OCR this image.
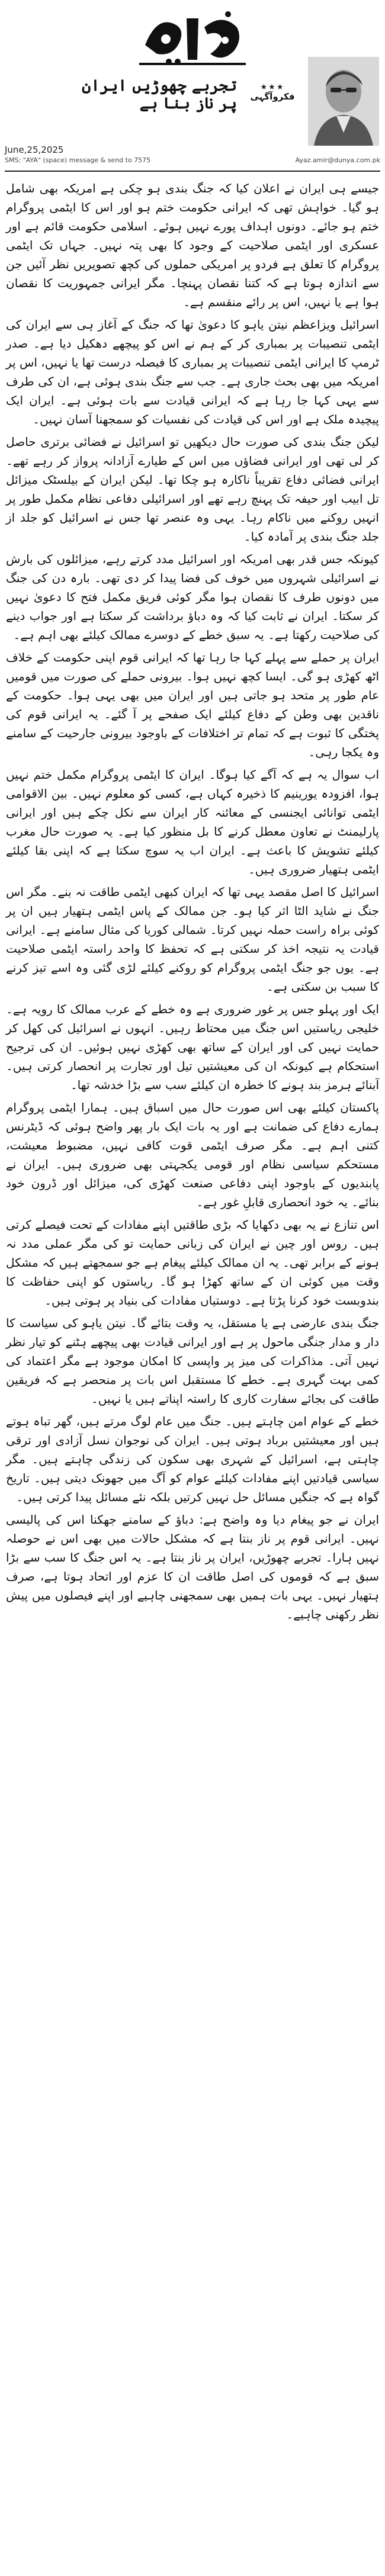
تجربے چھوڑیں ایران پر ناز بنا ہے
★★★
فکروآگہی
June,25,2025
SMS: "AYA" (space) message & send to 7575	Ayaz.amir@dunya.com.pk

جیسے ہی ایران نے اعلان کیا کہ جنگ بندی ہو چکی ہے امریکہ بھی شامل ہو گیا۔ خواہش تھی کہ ایرانی حکومت ختم ہو اور اس کا ایٹمی پروگرام ختم ہو جائے۔ دونوں اہداف پورے نہیں ہوئے۔ اسلامی حکومت قائم ہے اور عسکری اور ایٹمی صلاحیت کے وجود کا بھی پتہ نہیں۔ جہاں تک ایٹمی پروگرام کا تعلق ہے فردو پر امریکی حملوں کی کچھ تصویریں نظر آئیں جن سے اندازہ ہوتا ہے کہ کتنا نقصان پہنچا۔ مگر ایرانی جمہوریت کا نقصان ہوا ہے یا نہیں، اس پر رائے منقسم ہے۔

اسرائیل ویزاعظم نیتن یاہو کا دعویٰ تھا کہ جنگ کے آغاز ہی سے ایران کی ایٹمی تنصیبات پر بمباری کر کے ہم نے اس کو پیچھے دھکیل دیا ہے۔ صدر ٹرمپ کا ایرانی ایٹمی تنصیبات پر بمباری کا فیصلہ درست تھا یا نہیں، اس پر امریکہ میں بھی بحث جاری ہے۔ جب سے جنگ بندی ہوئی ہے، ان کی طرف سے یہی کہا جا رہا ہے کہ ایرانی قیادت سے بات ہوئی ہے۔ ایران ایک پیچیدہ ملک ہے اور اس کی قیادت کی نفسیات کو سمجھنا آسان نہیں۔

لیکن جنگ بندی کی صورت حال دیکھیں تو اسرائیل نے فضائی برتری حاصل کر لی تھی اور ایرانی فضاؤں میں اس کے طیارے آزادانہ پرواز کر رہے تھے۔ ایرانی فضائی دفاع تقریباً ناکارہ ہو چکا تھا۔ لیکن ایران کے بیلسٹک میزائل تل ابیب اور حیفہ تک پہنچ رہے تھے اور اسرائیلی دفاعی نظام مکمل طور پر انہیں روکنے میں ناکام رہا۔ یہی وہ عنصر تھا جس نے اسرائیل کو جلد از جلد جنگ بندی پر آمادہ کیا۔

کیونکہ جس قدر بھی امریکہ اور اسرائیل مدد کرتے رہے، میزائلوں کی بارش نے اسرائیلی شہروں میں خوف کی فضا پیدا کر دی تھی۔ بارہ دن کی جنگ میں دونوں طرف کا نقصان ہوا مگر کوئی فریق مکمل فتح کا دعویٰ نہیں کر سکتا۔ ایران نے ثابت کیا کہ وہ دباؤ برداشت کر سکتا ہے اور جواب دینے کی صلاحیت رکھتا ہے۔ یہ سبق خطے کے دوسرے ممالک کیلئے بھی اہم ہے۔

ایران پر حملے سے پہلے کہا جا رہا تھا کہ ایرانی قوم اپنی حکومت کے خلاف اٹھ کھڑی ہو گی۔ ایسا کچھ نہیں ہوا۔ بیرونی حملے کی صورت میں قومیں عام طور پر متحد ہو جاتی ہیں اور ایران میں بھی یہی ہوا۔ حکومت کے ناقدین بھی وطن کے دفاع کیلئے ایک صفحے پر آ گئے۔ یہ ایرانی قوم کی پختگی کا ثبوت ہے کہ تمام تر اختلافات کے باوجود بیرونی جارحیت کے سامنے وہ یکجا رہی۔

اب سوال یہ ہے کہ آگے کیا ہوگا۔ ایران کا ایٹمی پروگرام مکمل ختم نہیں ہوا، افزودہ یورینیم کا ذخیرہ کہاں ہے، کسی کو معلوم نہیں۔ بین الاقوامی ایٹمی توانائی ایجنسی کے معائنہ کار ایران سے نکل چکے ہیں اور ایرانی پارلیمنٹ نے تعاون معطل کرنے کا بل منظور کیا ہے۔ یہ صورت حال مغرب کیلئے تشویش کا باعث ہے۔ ایران اب یہ سوچ سکتا ہے کہ اپنی بقا کیلئے ایٹمی ہتھیار ضروری ہیں۔

اسرائیل کا اصل مقصد یہی تھا کہ ایران کبھی ایٹمی طاقت نہ بنے۔ مگر اس جنگ نے شاید الٹا اثر کیا ہو۔ جن ممالک کے پاس ایٹمی ہتھیار ہیں ان پر کوئی براہ راست حملہ نہیں کرتا۔ شمالی کوریا کی مثال سامنے ہے۔ ایرانی قیادت یہ نتیجہ اخذ کر سکتی ہے کہ تحفظ کا واحد راستہ ایٹمی صلاحیت ہے۔ یوں جو جنگ ایٹمی پروگرام کو روکنے کیلئے لڑی گئی وہ اسے تیز کرنے کا سبب بن سکتی ہے۔

ایک اور پہلو جس پر غور ضروری ہے وہ خطے کے عرب ممالک کا رویہ ہے۔ خلیجی ریاستیں اس جنگ میں محتاط رہیں۔ انہوں نے اسرائیل کی کھل کر حمایت نہیں کی اور ایران کے ساتھ بھی کھڑی نہیں ہوئیں۔ ان کی ترجیح استحکام ہے کیونکہ ان کی معیشتیں تیل اور تجارت پر انحصار کرتی ہیں۔ آبنائے ہرمز بند ہونے کا خطرہ ان کیلئے سب سے بڑا خدشہ تھا۔

پاکستان کیلئے بھی اس صورت حال میں اسباق ہیں۔ ہمارا ایٹمی پروگرام ہمارے دفاع کی ضمانت ہے اور یہ بات ایک بار پھر واضح ہوئی کہ ڈیٹرنس کتنی اہم ہے۔ مگر صرف ایٹمی قوت کافی نہیں، مضبوط معیشت، مستحکم سیاسی نظام اور قومی یکجہتی بھی ضروری ہیں۔ ایران نے پابندیوں کے باوجود اپنی دفاعی صنعت کھڑی کی، میزائل اور ڈرون خود بنائے۔ یہ خود انحصاری قابلِ غور ہے۔

اس تنازع نے یہ بھی دکھایا کہ بڑی طاقتیں اپنے مفادات کے تحت فیصلے کرتی ہیں۔ روس اور چین نے ایران کی زبانی حمایت تو کی مگر عملی مدد نہ ہونے کے برابر تھی۔ یہ ان ممالک کیلئے پیغام ہے جو سمجھتے ہیں کہ مشکل وقت میں کوئی ان کے ساتھ کھڑا ہو گا۔ ریاستوں کو اپنی حفاظت کا بندوبست خود کرنا پڑتا ہے۔ دوستیاں مفادات کی بنیاد پر ہوتی ہیں۔

جنگ بندی عارضی ہے یا مستقل، یہ وقت بتائے گا۔ نیتن یاہو کی سیاست کا دار و مدار جنگی ماحول پر ہے اور ایرانی قیادت بھی پیچھے ہٹنے کو تیار نظر نہیں آتی۔ مذاکرات کی میز پر واپسی کا امکان موجود ہے مگر اعتماد کی کمی بہت گہری ہے۔ خطے کا مستقبل اس بات پر منحصر ہے کہ فریقین طاقت کی بجائے سفارت کاری کا راستہ اپناتے ہیں یا نہیں۔

خطے کے عوام امن چاہتے ہیں۔ جنگ میں عام لوگ مرتے ہیں، گھر تباہ ہوتے ہیں اور معیشتیں برباد ہوتی ہیں۔ ایران کی نوجوان نسل آزادی اور ترقی چاہتی ہے، اسرائیل کے شہری بھی سکون کی زندگی چاہتے ہیں۔ مگر سیاسی قیادتیں اپنے مفادات کیلئے عوام کو آگ میں جھونک دیتی ہیں۔ تاریخ گواہ ہے کہ جنگیں مسائل حل نہیں کرتیں بلکہ نئے مسائل پیدا کرتی ہیں۔

ایران نے جو پیغام دیا وہ واضح ہے: دباؤ کے سامنے جھکنا اس کی پالیسی نہیں۔ ایرانی قوم پر ناز بنتا ہے کہ مشکل حالات میں بھی اس نے حوصلہ نہیں ہارا۔ تجربے چھوڑیں، ایران پر ناز بنتا ہے۔ یہ اس جنگ کا سب سے بڑا سبق ہے کہ قوموں کی اصل طاقت ان کا عزم اور اتحاد ہوتا ہے، صرف ہتھیار نہیں۔ یہی بات ہمیں بھی سمجھنی چاہیے اور اپنے فیصلوں میں پیش نظر رکھنی چاہیے۔
